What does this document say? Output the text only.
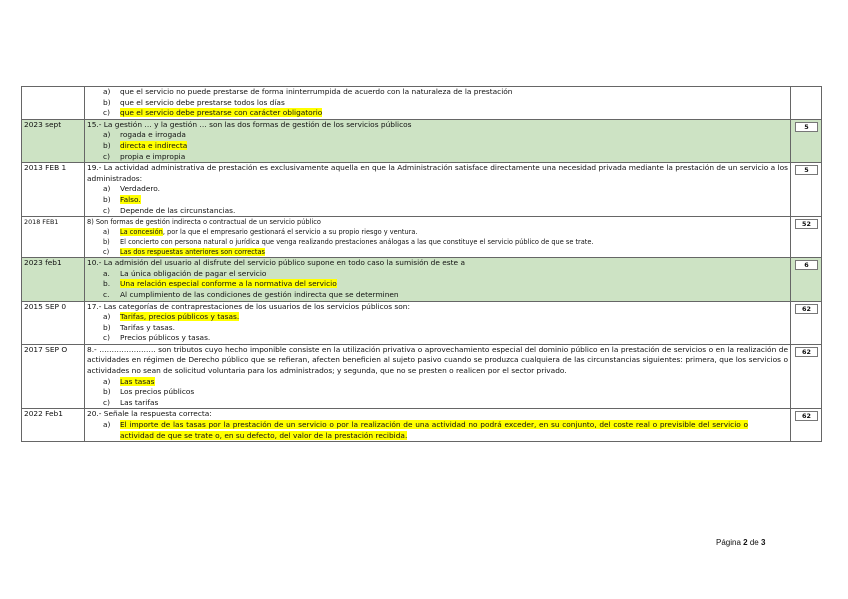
	a) que el servicio no puede prestarse de forma ininterrumpida de acuerdo con la naturaleza de la prestación
b) que el servicio debe prestarse todos los días
c) que el servicio debe prestarse con carácter obligatorio	

2023 sept	15.- La gestión … y la gestión … son las dos formas de gestión de los servicios públicos
a) rogada e irrogada
b) directa e indirecta
c) propia e impropia	5

2013 FEB 1	19.- La actividad administrativa de prestación es exclusivamente aquella en que la Administración satisface directamente una necesidad privada mediante la prestación de un servicio a los administrados:
a) Verdadero.
b) Falso.
c) Depende de las circunstancias.	5

2018 FEB1	8) Son formas de gestión indirecta o contractual de un servicio público
a) La concesión, por la que el empresario gestionará el servicio a su propio riesgo y ventura.
b) El concierto con persona natural o jurídica que venga realizando prestaciones análogas a las que constituye el servicio público de que se trate.
c) Las dos respuestas anteriores son correctas	52

2023 feb1	10.- La admisión del usuario al disfrute del servicio público supone en todo caso la sumisión de este a
a. La única obligación de pagar el servicio
b. Una relación especial conforme a la normativa del servicio
c. Al cumplimiento de las condiciones de gestión indirecta que se determinen	6

2015 SEP 0	17.- Las categorías de contraprestaciones de los usuarios de los servicios públicos son:
a) Tarifas, precios públicos y tasas.
b) Tarifas y tasas.
c) Precios públicos y tasas.	62

2017 SEP O	8.- ………………….. son tributos cuyo hecho imponible consiste en la utilización privativa o aprovechamiento especial del dominio público en la prestación de servicios o en la realización de actividades en régimen de Derecho público que se refieran, afecten beneficien al sujeto pasivo cuando se produzca cualquiera de las circunstancias siguientes: primera, que los servicios o actividades no sean de solicitud voluntaria para los administrados; y segunda, que no se presten o realicen por el sector privado.
a) Las tasas
b) Los precios públicos
c) Las tarifas	62

2022 Feb1	20.- Señale la respuesta correcta:
a) El importe de las tasas por la prestación de un servicio o por la realización de una actividad no podrá exceder, en su conjunto, del coste real o previsible del servicio o actividad de que se trate o, en su defecto, del valor de la prestación recibida.	62
Página 2 de 3
